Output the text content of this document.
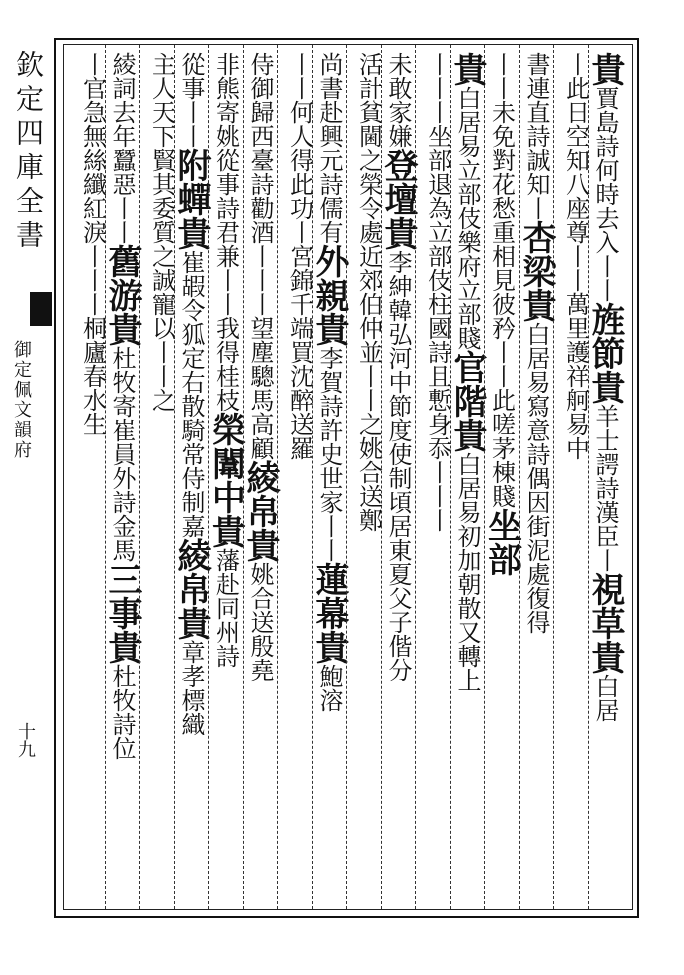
欽定四庫全書
御定佩文韻府
十九
貴賈島詩何時去入丨丨旌節貴羊士諤詩漢臣丨視草貴白居
丨此日空知八座尊丨丨萬里護祥舸易中
書連直詩誠知丨杏梁貴白居易寫意詩偶因街泥處復得
丨丨未免對花愁重相見彼矜丨丨此嗟茅棟賤坐部
貴白居易立部伎樂府立部賤官階貴白居易初加朝散又轉上
丨丨丨坐部退為立部伎柱國詩且慙身忝丨丨丨
未敢家嫌登壇貴李紳韓弘河中節度使制頃居東夏父子偕分
活計貧閫之榮令處近郊伯仲並丨丨之姚合送鄭
尚書赴興元詩儒有外親貴李賀詩許史世家丨丨蓮幕貴鮑溶
丨丨何人得此功丨宮錦千端買沈醉送羅
侍御歸西臺詩勸酒丨丨丨望塵驄馬高顧綾帛貴姚合送殷堯
非熊寄姚從事詩君兼丨丨我得桂枝榮闈中貴藩赴同州詩
從事丨丨附蟬貴崔嘏令狐定右散騎常侍制嘉綾帛貴章孝標織
主人天下賢其委質之誠寵以丨丨之
綾詞去年蠶惡丨丨舊游貴杜牧寄崔員外詩金馬三事貴杜牧詩位
丨官急無絲纖紅淚丨丨丨桐廬春水生
